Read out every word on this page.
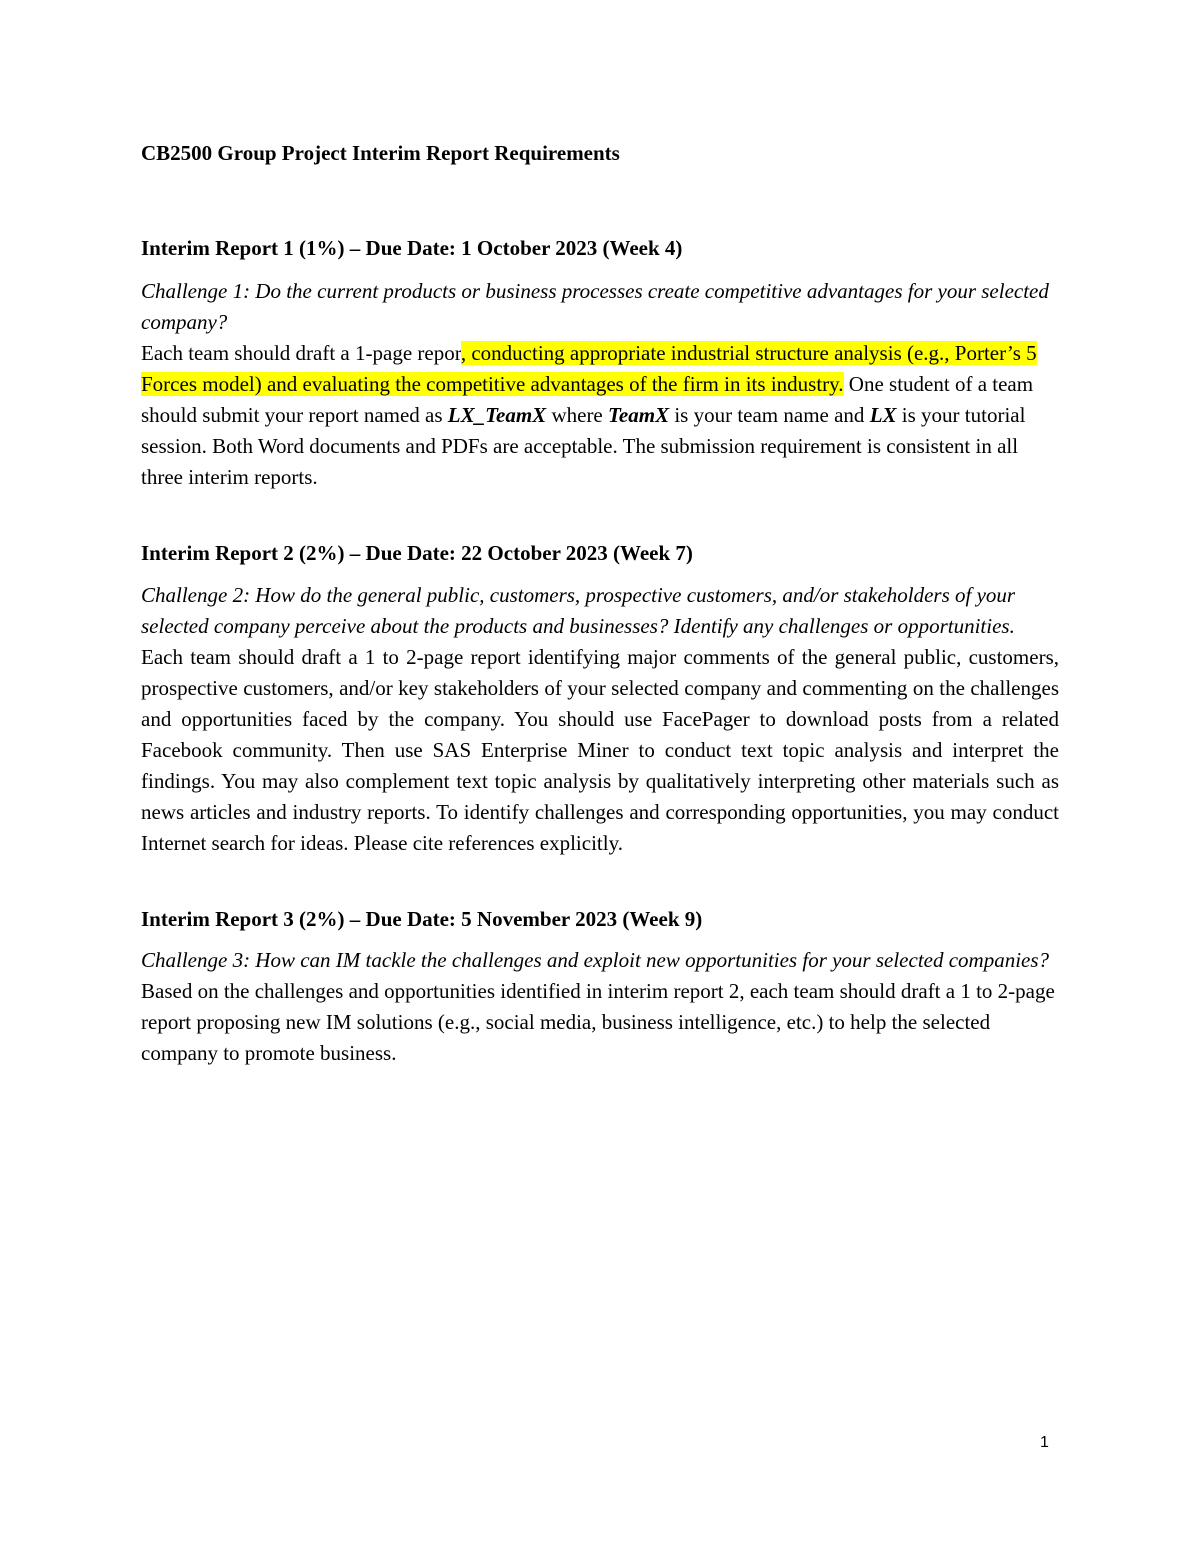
CB2500 Group Project Interim Report Requirements

Interim Report 1 (1%) – Due Date: 1 October 2023 (Week 4)

Challenge 1: Do the current products or business processes create competitive advantages for your selected company?

Each team should draft a 1-page repor, conducting appropriate industrial structure analysis (e.g., Porter’s 5 Forces model) and evaluating the competitive advantages of the firm in its industry. One student of a team should submit your report named as LX_TeamX where TeamX is your team name and LX is your tutorial session. Both Word documents and PDFs are acceptable. The submission requirement is consistent in all three interim reports.

Interim Report 2 (2%) – Due Date: 22 October 2023 (Week 7)

Challenge 2: How do the general public, customers, prospective customers, and/or stakeholders of your selected company perceive about the products and businesses? Identify any challenges or opportunities.

Each team should draft a 1 to 2-page report identifying major comments of the general public, customers, prospective customers, and/or key stakeholders of your selected company and commenting on the challenges and opportunities faced by the company. You should use FacePager to download posts from a related Facebook community. Then use SAS Enterprise Miner to conduct text topic analysis and interpret the findings. You may also complement text topic analysis by qualitatively interpreting other materials such as news articles and industry reports. To identify challenges and corresponding opportunities, you may conduct Internet search for ideas. Please cite references explicitly.

Interim Report 3 (2%) – Due Date: 5 November 2023 (Week 9)

Challenge 3: How can IM tackle the challenges and exploit new opportunities for your selected companies?

Based on the challenges and opportunities identified in interim report 2, each team should draft a 1 to 2-page report proposing new IM solutions (e.g., social media, business intelligence, etc.) to help the selected company to promote business.

1
